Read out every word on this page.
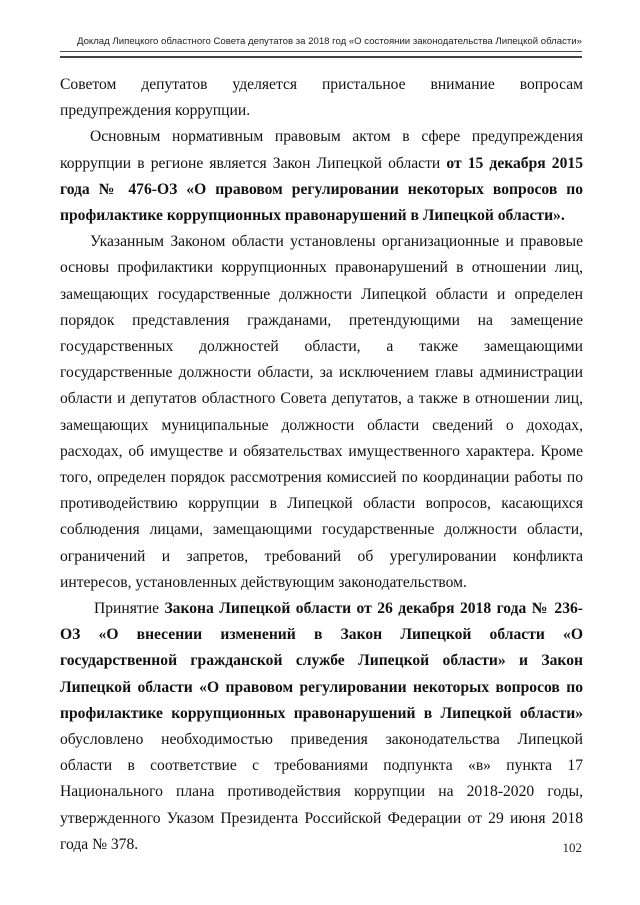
Доклад Липецкого областного Совета депутатов за 2018 год «О состоянии законодательства Липецкой области»

Советом депутатов уделяется пристальное внимание вопросам предупреждения коррупции.

Основным нормативным правовым актом в сфере предупреждения коррупции в регионе является Закон Липецкой области от 15 декабря 2015 года № 476-ОЗ «О правовом регулировании некоторых вопросов по профилактике коррупционных правонарушений в Липецкой области».

Указанным Законом области установлены организационные и правовые основы профилактики коррупционных правонарушений в отношении лиц, замещающих государственные должности Липецкой области и определен порядок представления гражданами, претендующими на замещение государственных должностей области, а также замещающими государственные должности области, за исключением главы администрации области и депутатов областного Совета депутатов, а также в отношении лиц, замещающих муниципальные должности области сведений о доходах, расходах, об имуществе и обязательствах имущественного характера. Кроме того, определен порядок рассмотрения комиссией по координации работы по противодействию коррупции в Липецкой области вопросов, касающихся соблюдения лицами, замещающими государственные должности области, ограничений и запретов, требований об урегулировании конфликта интересов, установленных действующим законодательством.

Принятие Закона Липецкой области от 26 декабря 2018 года № 236-ОЗ «О внесении изменений в Закон Липецкой области «О государственной гражданской службе Липецкой области» и Закон Липецкой области «О правовом регулировании некоторых вопросов по профилактике коррупционных правонарушений в Липецкой области» обусловлено необходимостью приведения законодательства Липецкой области в соответствие с требованиями подпункта «в» пункта 17 Национального плана противодействия коррупции на 2018-2020 годы, утвержденного Указом Президента Российской Федерации от 29 июня 2018 года № 378.	102
